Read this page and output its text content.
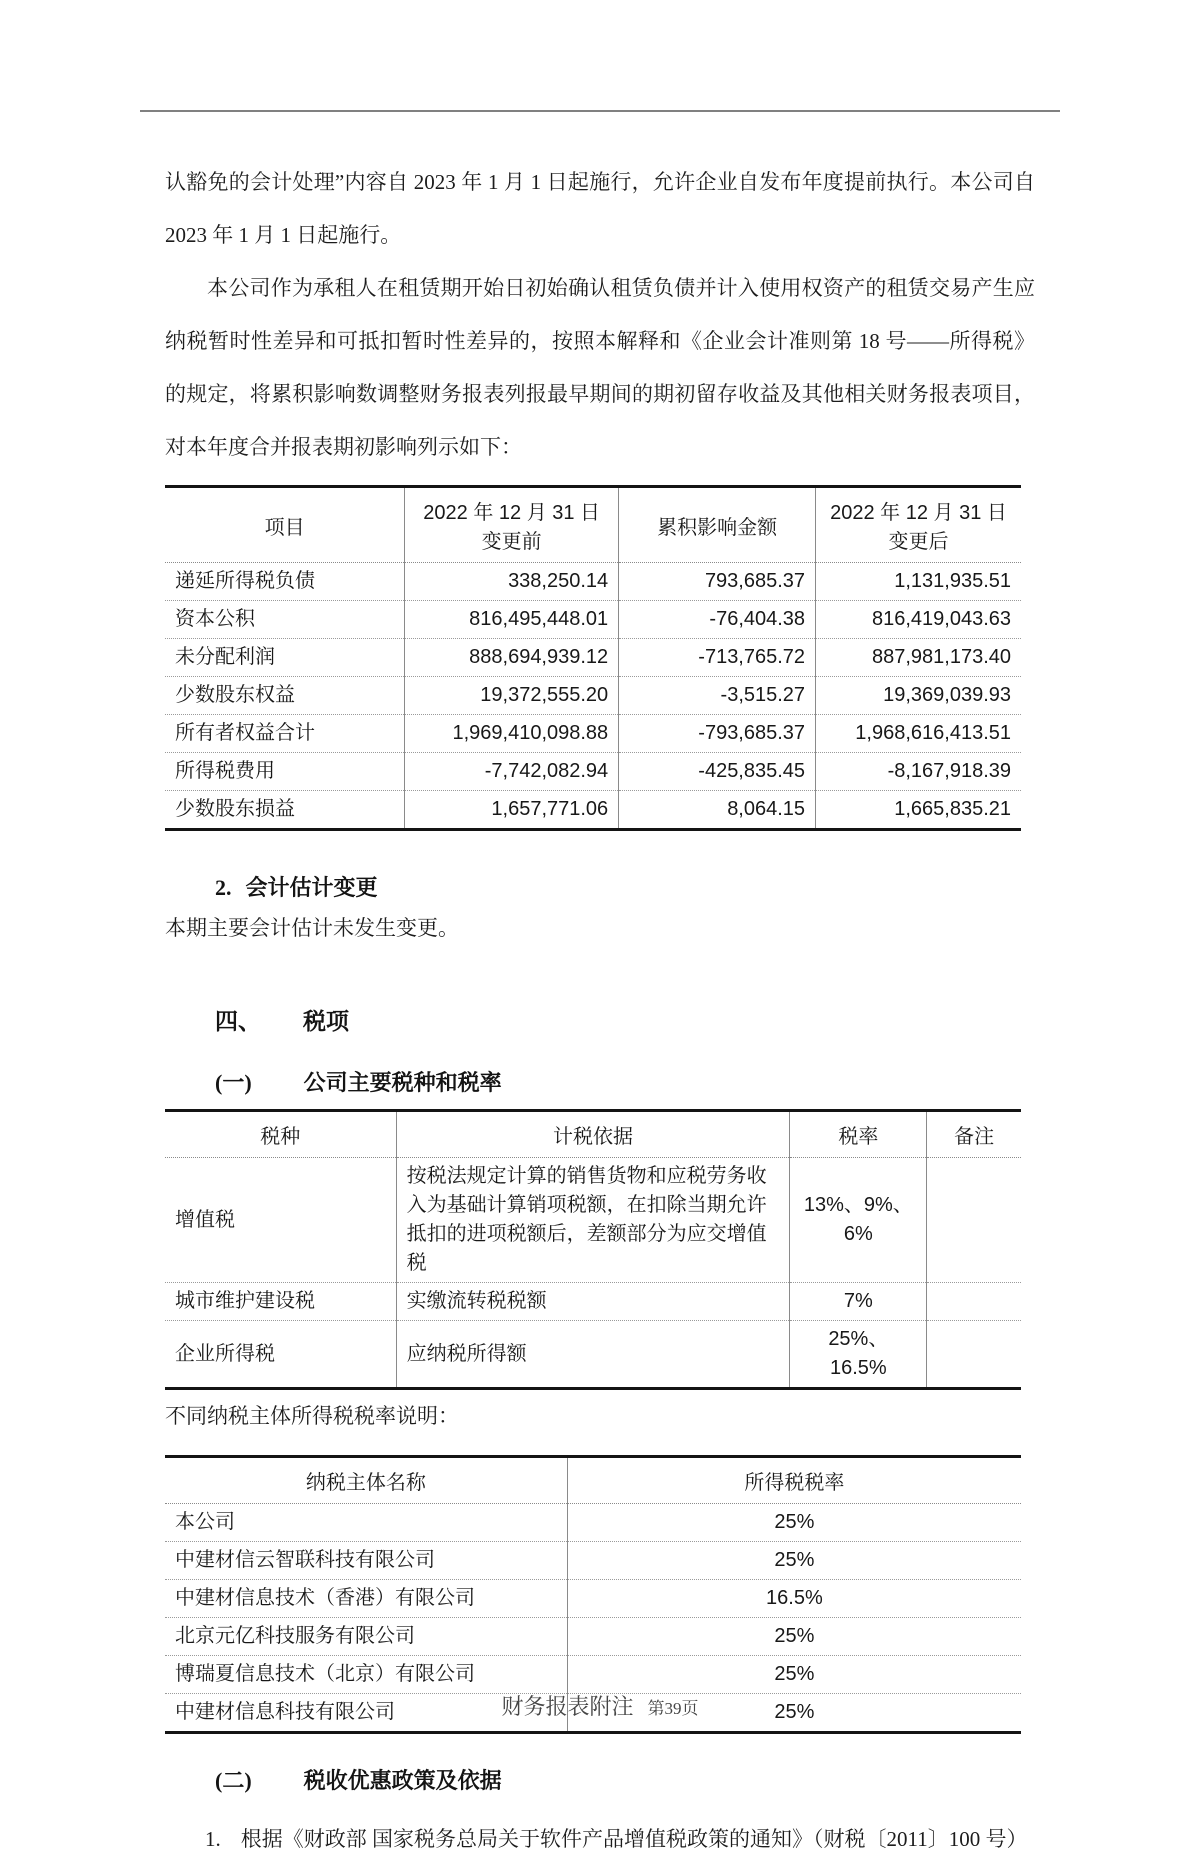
认豁免的会计处理”内容自 2023 年 1 月 1 日起施行，允许企业自发布年度提前执行。本公司自 2023 年 1 月 1 日起施行。

本公司作为承租人在租赁期开始日初始确认租赁负债并计入使用权资产的租赁交易产生应纳税暂时性差异和可抵扣暂时性差异的，按照本解释和《企业会计准则第 18 号——所得税》的规定，将累积影响数调整财务报表列报最早期间的期初留存收益及其他相关财务报表项目，对本年度合并报表期初影响列示如下：

项目	2022 年 12 月 31 日变更前	累积影响金额	2022 年 12 月 31 日变更后
递延所得税负债	338,250.14	793,685.37	1,131,935.51
资本公积	816,495,448.01	-76,404.38	816,419,043.63
未分配利润	888,694,939.12	-713,765.72	887,981,173.40
少数股东权益	19,372,555.20	-3,515.27	19,369,039.93
所有者权益合计	1,969,410,098.88	-793,685.37	1,968,616,413.51
所得税费用	-7,742,082.94	-425,835.45	-8,167,918.39
少数股东损益	1,657,771.06	8,064.15	1,665,835.21
2. 会计估计变更

本期主要会计估计未发生变更。

四、 税项
(一) 公司主要税种和税率
税种	计税依据	税率	备注
增值税	按税法规定计算的销售货物和应税劳务收入为基础计算销项税额，在扣除当期允许抵扣的进项税额后，差额部分为应交增值税	13%、9%、6%	
城市维护建设税	实缴流转税税额	7%	
企业所得税	应纳税所得额	25%、16.5%	

不同纳税主体所得税税率说明：

纳税主体名称	所得税税率
本公司	25%
中建材信云智联科技有限公司	25%
中建材信息技术（香港）有限公司	16.5%
北京元亿科技服务有限公司	25%
博瑞夏信息技术（北京）有限公司	25%
中建材信息科技有限公司	25%
(二) 税收优惠政策及依据
1. 根据《财政部 国家税务总局关于软件产品增值税政策的通知》（财税〔2011〕100 号）
财务报表附注 第39页
